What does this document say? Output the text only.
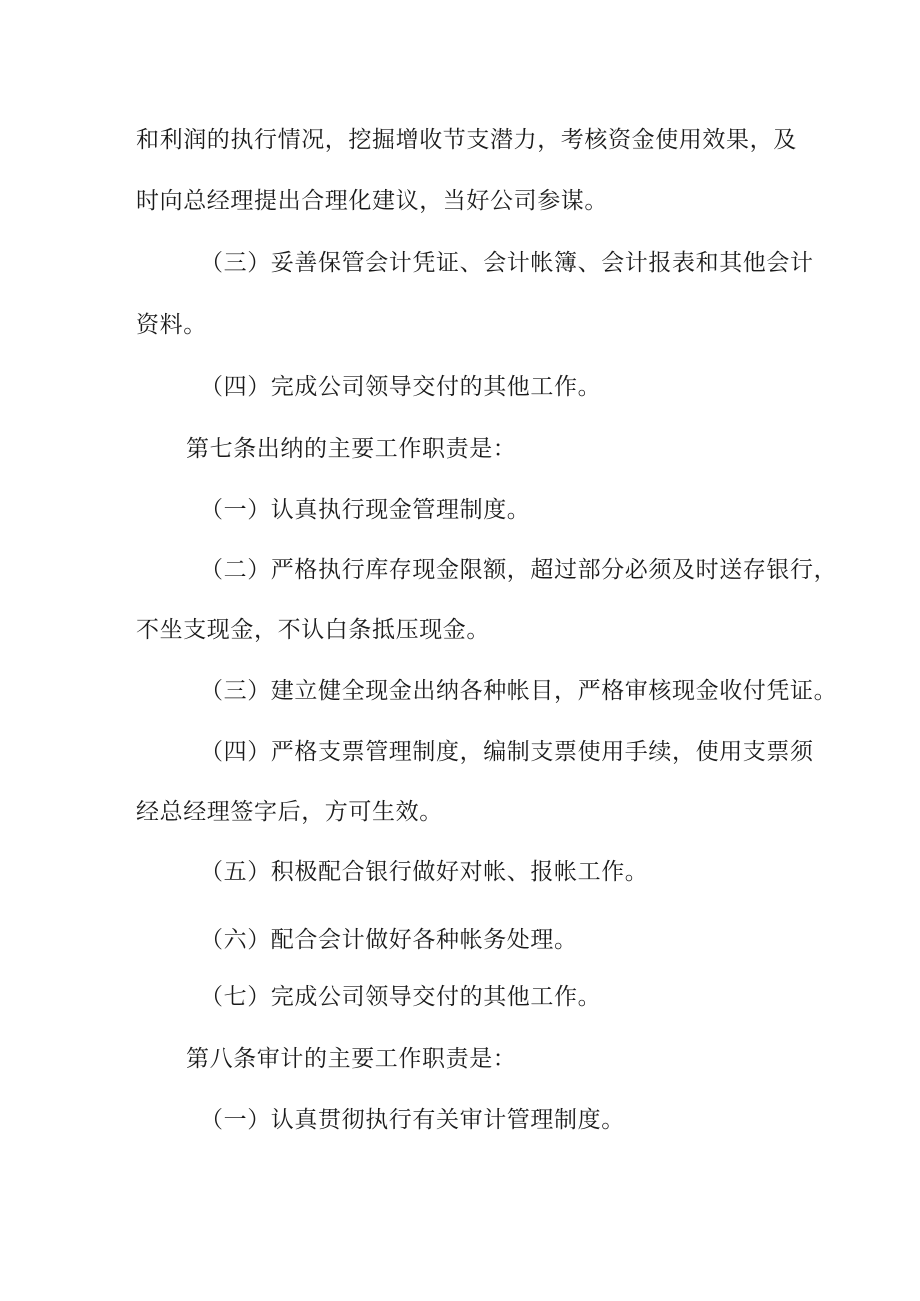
和利润的执行情况，挖掘增收节支潜力，考核资金使用效果，及
时向总经理提出合理化建议，当好公司参谋。
（三）妥善保管会计凭证、会计帐簿、会计报表和其他会计
资料。
（四）完成公司领导交付的其他工作。
第七条出纳的主要工作职责是：
（一）认真执行现金管理制度。
（二）严格执行库存现金限额，超过部分必须及时送存银行，
不坐支现金，不认白条抵压现金。
（三）建立健全现金出纳各种帐目，严格审核现金收付凭证。
（四）严格支票管理制度，编制支票使用手续，使用支票须
经总经理签字后，方可生效。
（五）积极配合银行做好对帐、报帐工作。
（六）配合会计做好各种帐务处理。
（七）完成公司领导交付的其他工作。
第八条审计的主要工作职责是：
（一）认真贯彻执行有关审计管理制度。
